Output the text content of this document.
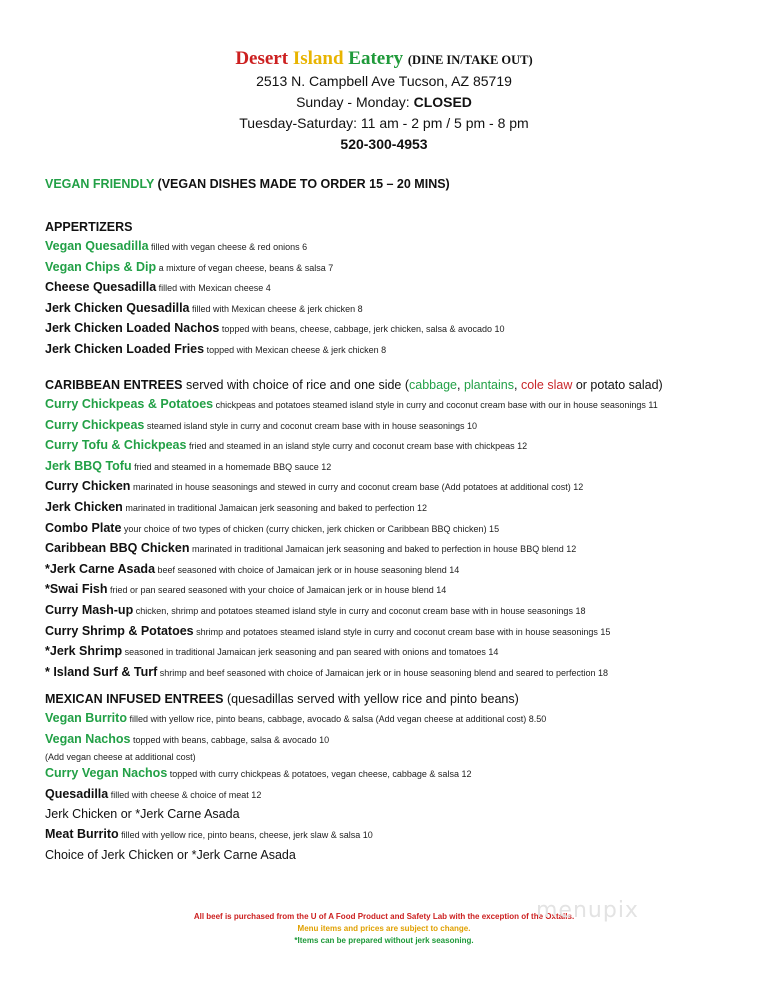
Desert Island Eatery (DINE IN/TAKE OUT)
2513 N. Campbell Ave Tucson, AZ 85719
Sunday - Monday: CLOSED
Tuesday-Saturday: 11 am - 2 pm / 5 pm - 8 pm
520-300-4953
VEGAN FRIENDLY (VEGAN DISHES MADE TO ORDER 15 – 20 MINS)
APPERTIZERS
Vegan Quesadilla filled with vegan cheese & red onions 6
Vegan Chips & Dip a mixture of vegan cheese, beans & salsa 7
Cheese Quesadilla filled with Mexican cheese 4
Jerk Chicken Quesadilla filled with Mexican cheese & jerk chicken 8
Jerk Chicken Loaded Nachos topped with beans, cheese, cabbage, jerk chicken, salsa & avocado 10
Jerk Chicken Loaded Fries topped with Mexican cheese & jerk chicken 8
CARIBBEAN ENTREES served with choice of rice and one side (cabbage, plantains, cole slaw or potato salad)
Curry Chickpeas & Potatoes chickpeas and potatoes steamed island style in curry and coconut cream base with our in house seasonings 11
Curry Chickpeas steamed island style in curry and coconut cream base with in house seasonings 10
Curry Tofu & Chickpeas fried and steamed in an island style curry and coconut cream base with chickpeas 12
Jerk BBQ Tofu fried and steamed in a homemade BBQ sauce 12
Curry Chicken marinated in house seasonings and stewed in curry and coconut cream base (Add potatoes at additional cost) 12
Jerk Chicken marinated in traditional Jamaican jerk seasoning and baked to perfection 12
Combo Plate your choice of two types of chicken (curry chicken, jerk chicken or Caribbean BBQ chicken) 15
Caribbean BBQ Chicken marinated in traditional Jamaican jerk seasoning and baked to perfection in house BBQ blend 12
*Jerk Carne Asada beef seasoned with choice of Jamaican jerk or in house seasoning blend 14
*Swai Fish fried or pan seared seasoned with your choice of Jamaican jerk or in house blend 14
Curry Mash-up chicken, shrimp and potatoes steamed island style in curry and coconut cream base with in house seasonings 18
Curry Shrimp & Potatoes shrimp and potatoes steamed island style in curry and coconut cream base with in house seasonings 15
*Jerk Shrimp seasoned in traditional Jamaican jerk seasoning and pan seared with onions and tomatoes 14
* Island Surf & Turf shrimp and beef seasoned with choice of Jamaican jerk or in house seasoning blend and seared to perfection 18
MEXICAN INFUSED ENTREES (quesadillas served with yellow rice and pinto beans)
Vegan Burrito filled with yellow rice, pinto beans, cabbage, avocado & salsa (Add vegan cheese at additional cost) 8.50
Vegan Nachos topped with beans, cabbage, salsa & avocado 10
(Add vegan cheese at additional cost)
Curry Vegan Nachos topped with curry chickpeas & potatoes, vegan cheese, cabbage & salsa 12
Quesadilla filled with cheese & choice of meat 12
Jerk Chicken or *Jerk Carne Asada
Meat Burrito filled with yellow rice, pinto beans, cheese, jerk slaw & salsa 10
Choice of Jerk Chicken or *Jerk Carne Asada
All beef is purchased from the U of A Food Product and Safety Lab with the exception of the Oxtails.
Menu items and prices are subject to change.
*Items can be prepared without jerk seasoning.
menupix
